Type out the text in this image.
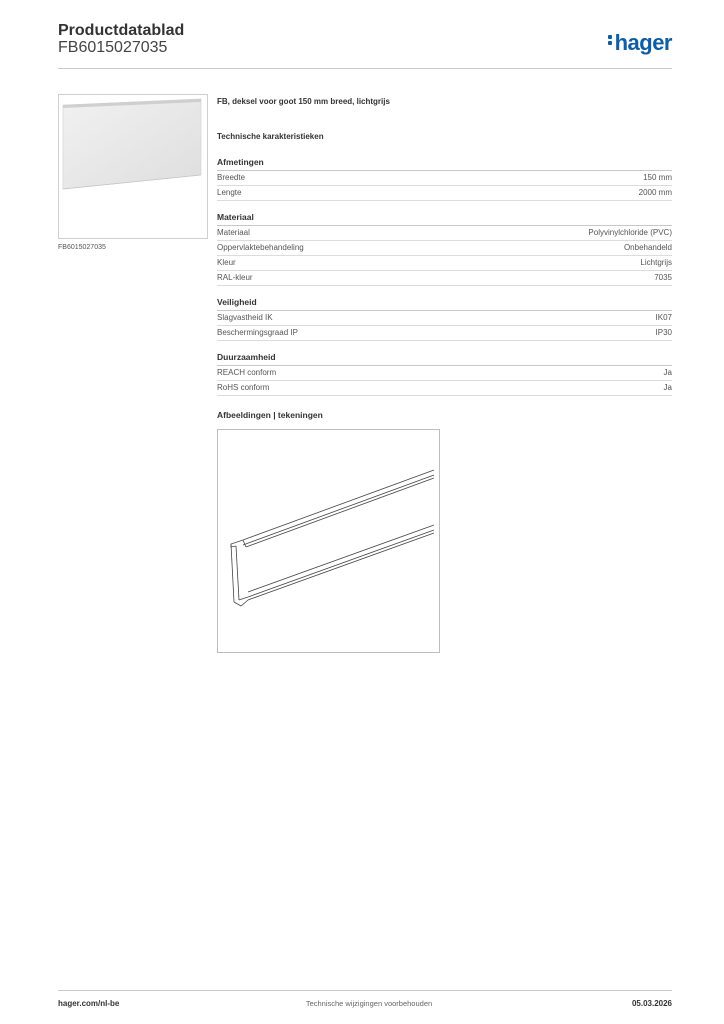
Productdatablad
FB6015027035	hager
FB6015027035
FB, deksel voor goot 150 mm breed, lichtgrijs
Technische karakteristieken
Afmetingen
Breedte	150 mm
Lengte	2000 mm
Materiaal
Materiaal	Polyvinylchloride (PVC)
Oppervlaktebehandeling	Onbehandeld
Kleur	Lichtgrijs
RAL-kleur	7035
Veiligheid
Slagvastheid IK	IK07
Beschermingsgraad IP	IP30
Duurzaamheid
REACH conform	Ja
RoHS conform	Ja
Afbeeldingen | tekeningen
hager.com/nl-be	Technische wijzigingen voorbehouden	05.03.2026
